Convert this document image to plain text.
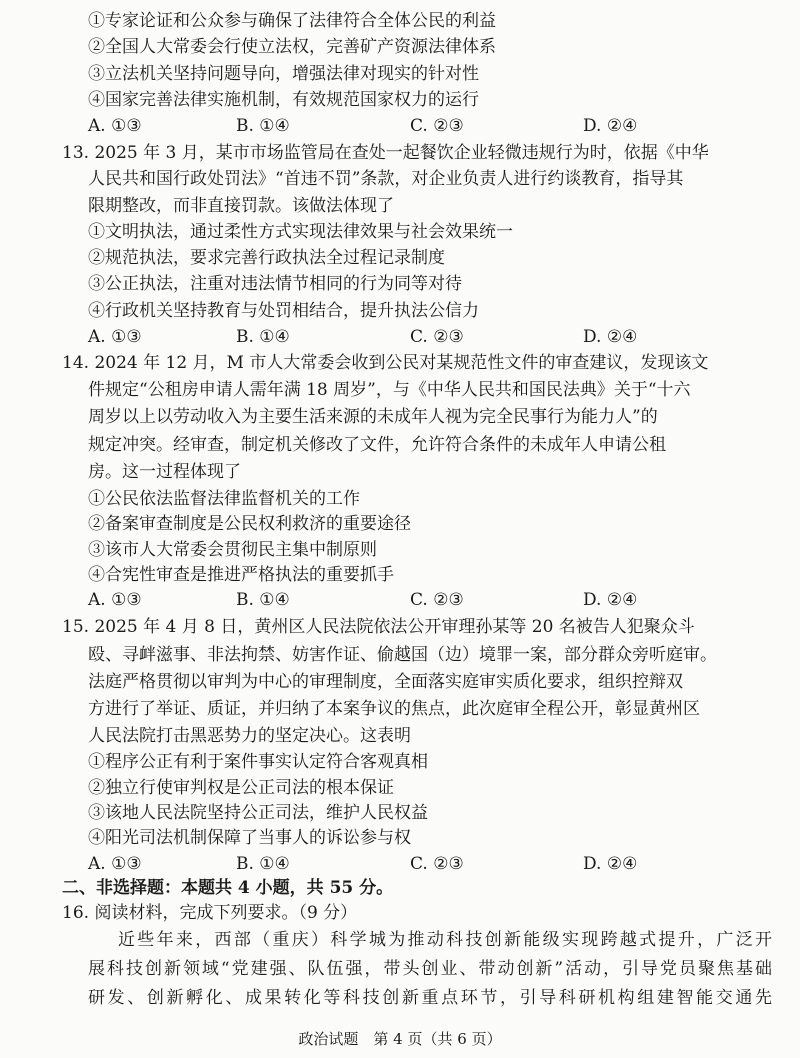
①专家论证和公众参与确保了法律符合全体公民的利益
②全国人大常委会行使立法权，完善矿产资源法律体系
③立法机关坚持问题导向，增强法律对现实的针对性
④国家完善法律实施机制，有效规范国家权力的运行
A. ①③	B. ①④	C. ②③	D. ②④
13. 2025 年 3 月，某市市场监管局在查处一起餐饮企业轻微违规行为时，依据《中华
人民共和国行政处罚法》“首违不罚”条款，对企业负责人进行约谈教育，指导其
限期整改，而非直接罚款。该做法体现了
①文明执法，通过柔性方式实现法律效果与社会效果统一
②规范执法，要求完善行政执法全过程记录制度
③公正执法，注重对违法情节相同的行为同等对待
④行政机关坚持教育与处罚相结合，提升执法公信力
A. ①③	B. ①④	C. ②③	D. ②④
14. 2024 年 12 月，M 市人大常委会收到公民对某规范性文件的审查建议，发现该文
件规定“公租房申请人需年满 18 周岁”，与《中华人民共和国民法典》关于“十六
周岁以上以劳动收入为主要生活来源的未成年人视为完全民事行为能力人”的
规定冲突。经审查，制定机关修改了文件，允许符合条件的未成年人申请公租
房。这一过程体现了
①公民依法监督法律监督机关的工作
②备案审查制度是公民权利救济的重要途径
③该市人大常委会贯彻民主集中制原则
④合宪性审查是推进严格执法的重要抓手
A. ①③	B. ①④	C. ②③	D. ②④
15. 2025 年 4 月 8 日，黄州区人民法院依法公开审理孙某等 20 名被告人犯聚众斗
殴、寻衅滋事、非法拘禁、妨害作证、偷越国（边）境罪一案，部分群众旁听庭审。
法庭严格贯彻以审判为中心的审理制度，全面落实庭审实质化要求，组织控辩双
方进行了举证、质证，并归纳了本案争议的焦点，此次庭审全程公开，彰显黄州区
人民法院打击黑恶势力的坚定决心。这表明
①程序公正有利于案件事实认定符合客观真相
②独立行使审判权是公正司法的根本保证
③该地人民法院坚持公正司法，维护人民权益
④阳光司法机制保障了当事人的诉讼参与权
A. ①③	B. ①④	C. ②③	D. ②④
二、非选择题：本题共 4 小题，共 55 分。
16. 阅读材料，完成下列要求。（9 分）
政治试题　第 4 页（共 6 页）
近些年来，西部（重庆）科学城为推动科技创新能级实现跨越式提升，广泛开
展科技创新领域“党建强、队伍强，带头创业、带动创新”活动，引导党员聚焦基础
研发、创新孵化、成果转化等科技创新重点环节，引导科研机构组建智能交通先
